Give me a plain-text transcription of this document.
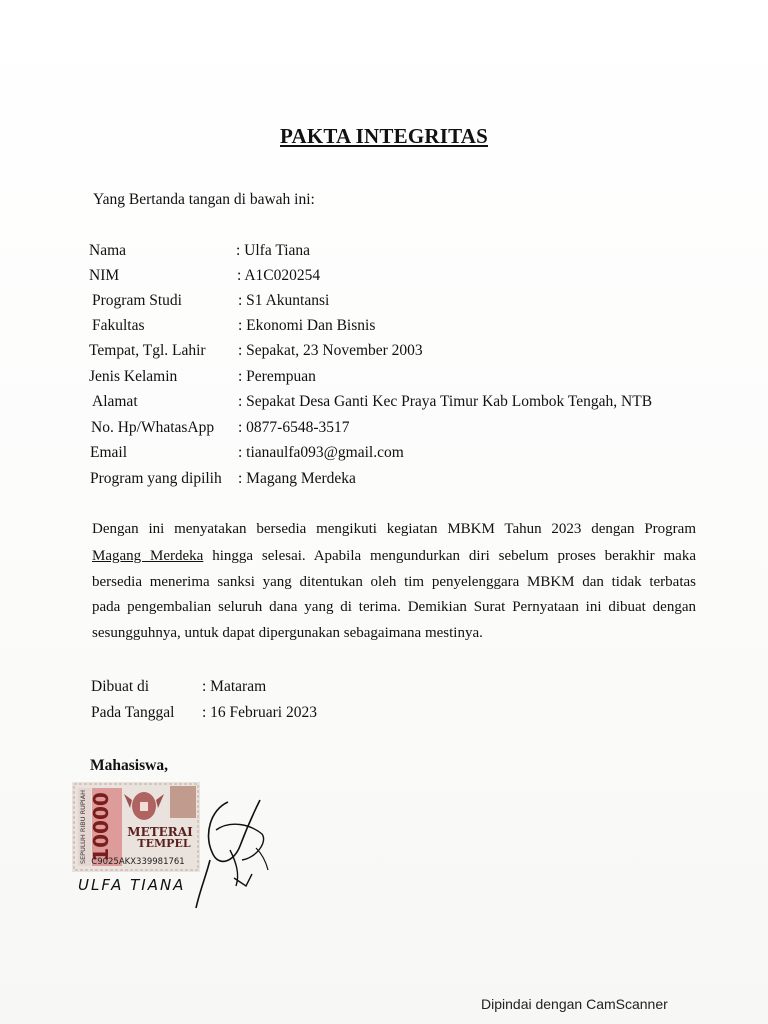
PAKTA INTEGRITAS
Yang Bertanda tangan di bawah ini:
Nama	: Ulfa Tiana
NIM	: A1C020254
Program Studi	: S1 Akuntansi
Fakultas	: Ekonomi Dan Bisnis
Tempat, Tgl. Lahir : Sepakat, 23 November 2003
Jenis Kelamin	: Perempuan
Alamat	: Sepakat Desa Ganti Kec Praya Timur Kab Lombok Tengah, NTB
No. Hp/WhatasApp : 0877-6548-3517
Email	: tianaulfa093@gmail.com
Program yang dipilih : Magang Merdeka
Dengan ini menyatakan bersedia mengikuti kegiatan MBKM Tahun 2023 dengan Program
Magang Merdeka hingga selesai. Apabila mengundurkan diri sebelum proses berakhir maka
bersedia menerima sanksi yang ditentukan oleh tim penyelenggara MBKM dan tidak terbatas
pada pengembalian seluruh dana yang di terima. Demikian Surat Pernyataan ini dibuat dengan
sesungguhnya, untuk dapat dipergunakan sebagaimana mestinya.
Dibuat di	: Mataram
Pada Tanggal : 16 Februari 2023
Mahasiswa,
SEPULUH RIBU RUPIAH 10000 METERAI
TEMPEL
C9025AKX339981761
ULFA TIANA
Dipindai dengan CamScanner
